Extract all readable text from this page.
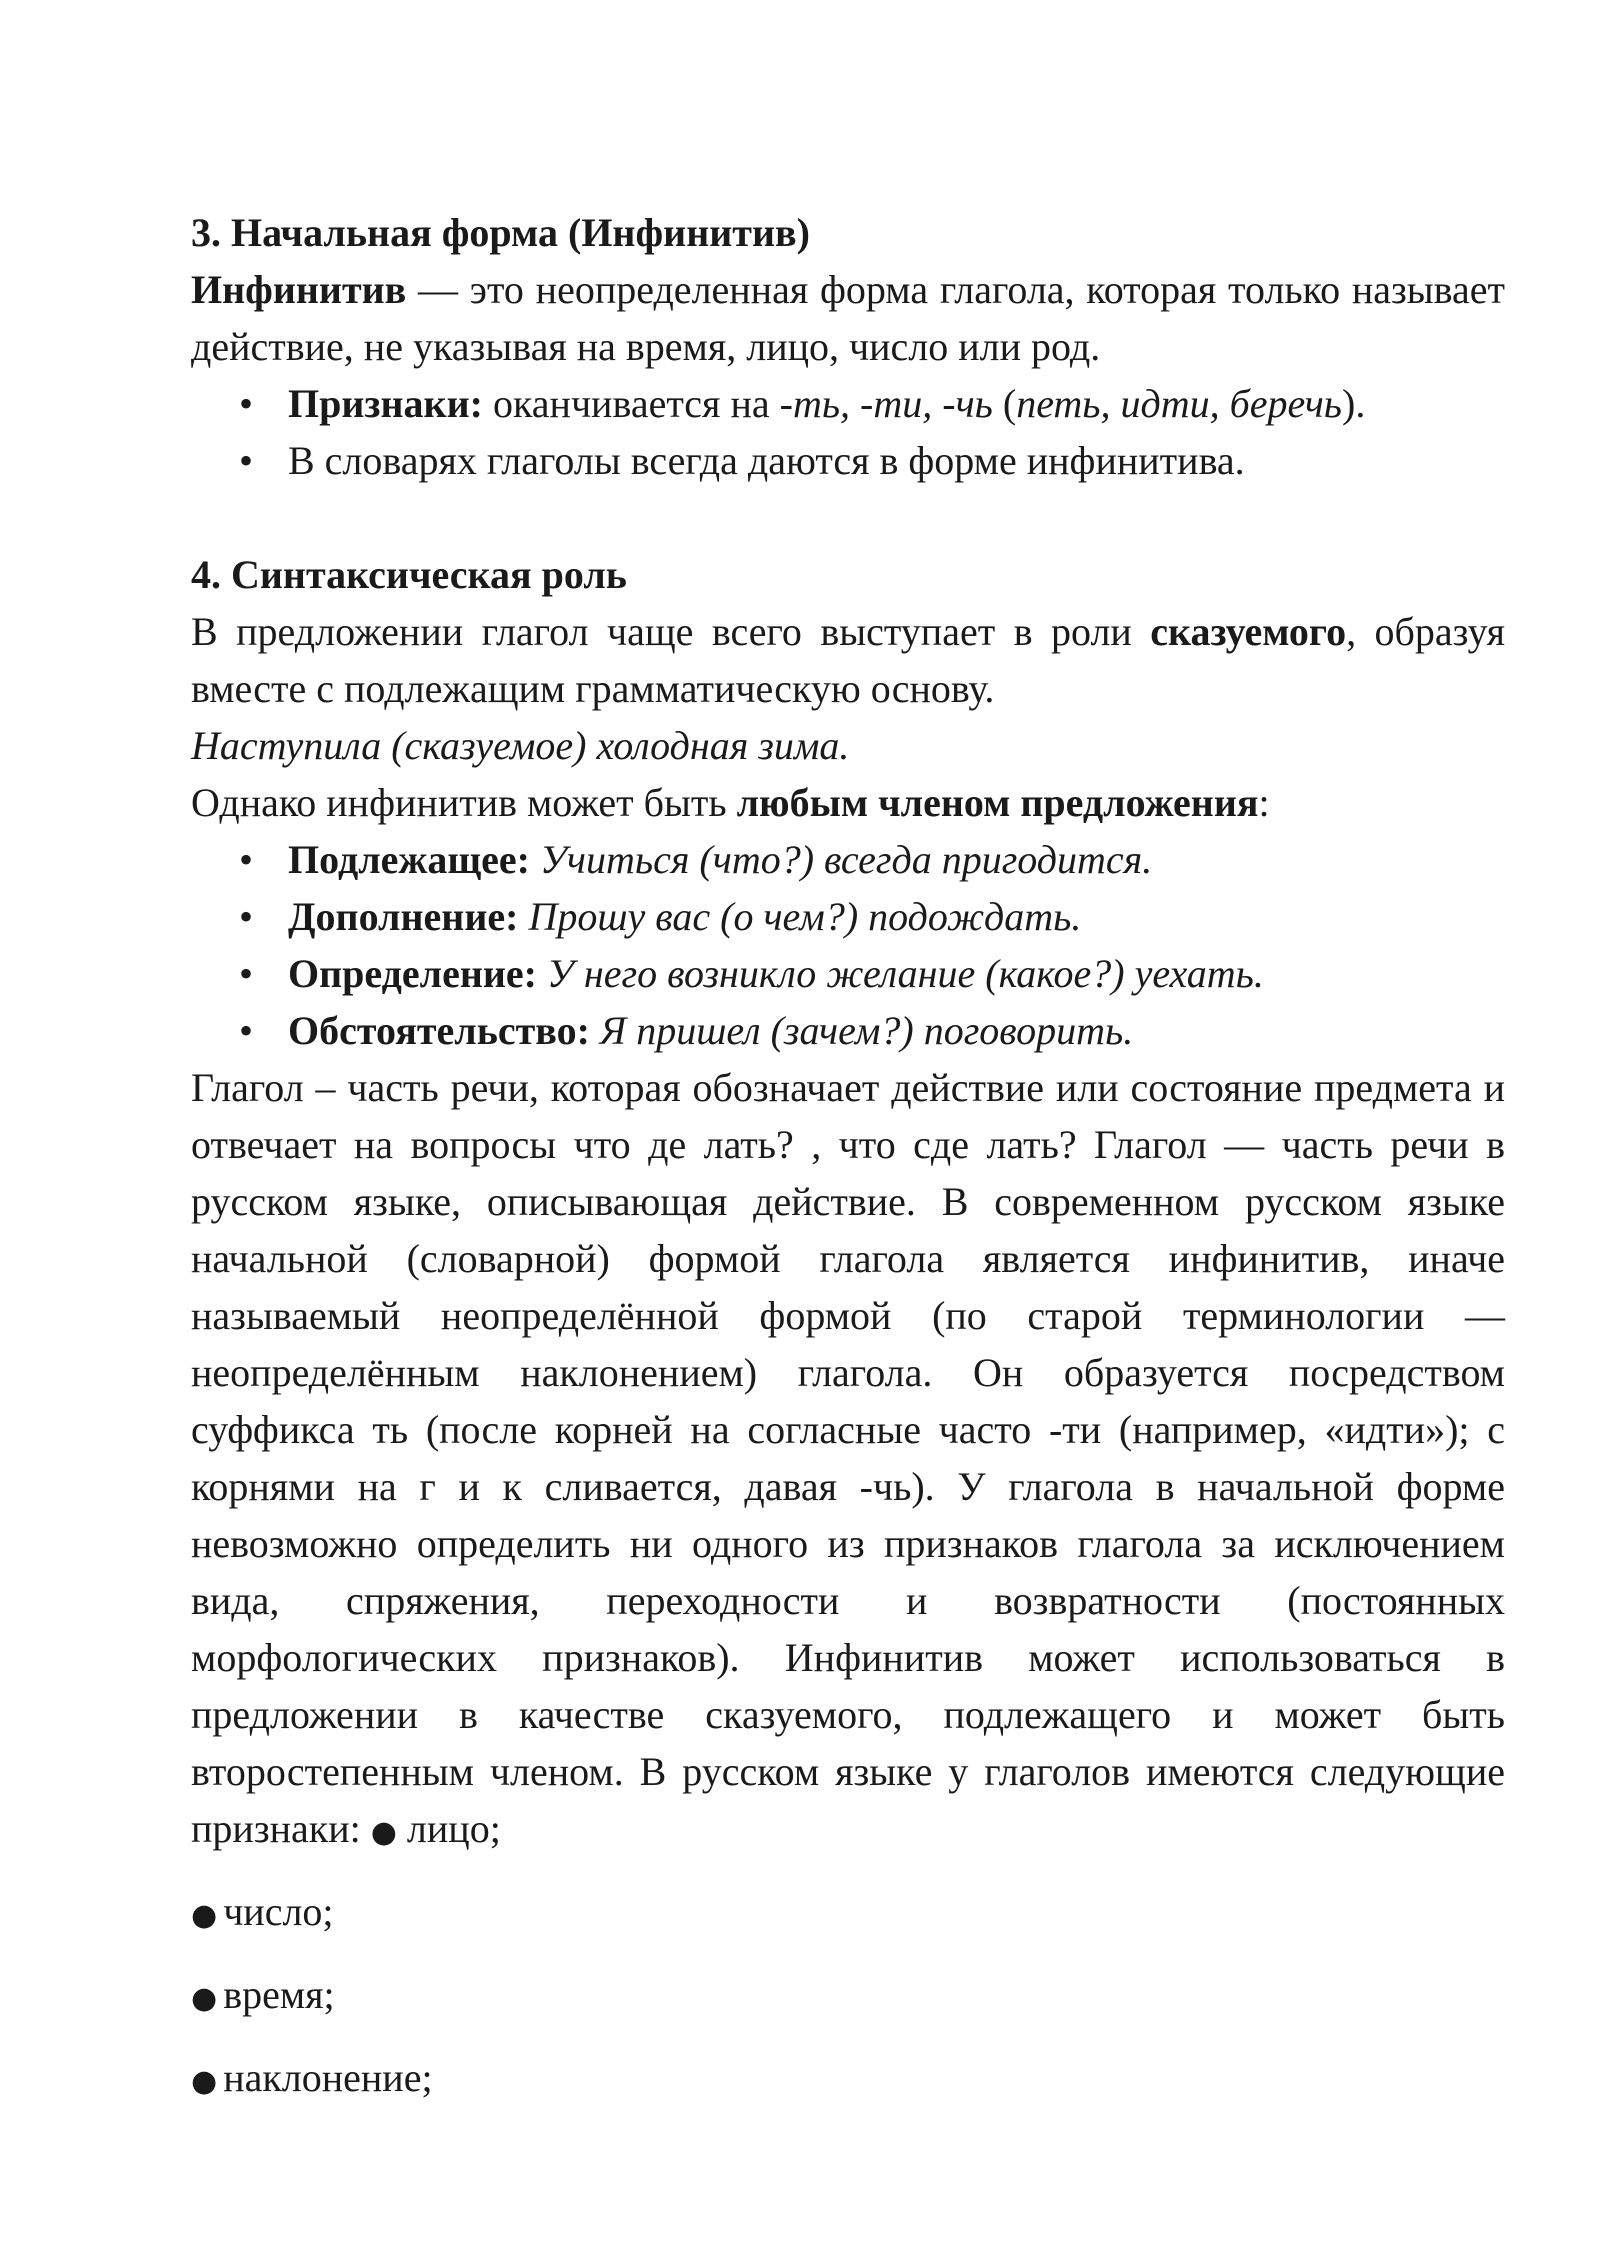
3. Начальная форма (Инфинитив)

Инфинитив — это неопределенная форма глагола, которая только называет действие, не указывая на время, лицо, число или род.

• Признаки: оканчивается на -ть, -ти, -чь (петь, идти, беречь).
• В словарях глаголы всегда даются в форме инфинитива.

4. Синтаксическая роль

В предложении глагол чаще всего выступает в роли сказуемого, образуя вместе с подлежащим грамматическую основу.

Наступила (сказуемое) холодная зима.

Однако инфинитив может быть любым членом предложения:

• Подлежащее: Учиться (что?) всегда пригодится.
• Дополнение: Прошу вас (о чем?) подождать.
• Определение: У него возникло желание (какое?) уехать.
• Обстоятельство: Я пришел (зачем?) поговорить.

Глагол – часть речи, которая обозначает действие или состояние предмета и отвечает на вопросы что де лать? , что сде лать? Глагол — часть речи в русском языке, описывающая действие. В современном русском языке начальной (словарной) формой глагола является инфинитив, иначе называемый неопределённой формой (по старой терминологии — неопределённым наклонением) глагола. Он образуется посредством суффикса ть (после корней на согласные часто -ти (например, «идти»); с корнями на г и к сливается, давая -чь). У глагола в начальной форме невозможно определить ни одного из признаков глагола за исключением вида, спряжения, переходности и возвратности (постоянных морфологических признаков). Инфинитив может использоваться в предложении в качестве сказуемого, подлежащего и может быть второстепенным членом. В русском языке у глаголов имеются следующие признаки: ● лицо;

● число;
● время;
● наклонение;
